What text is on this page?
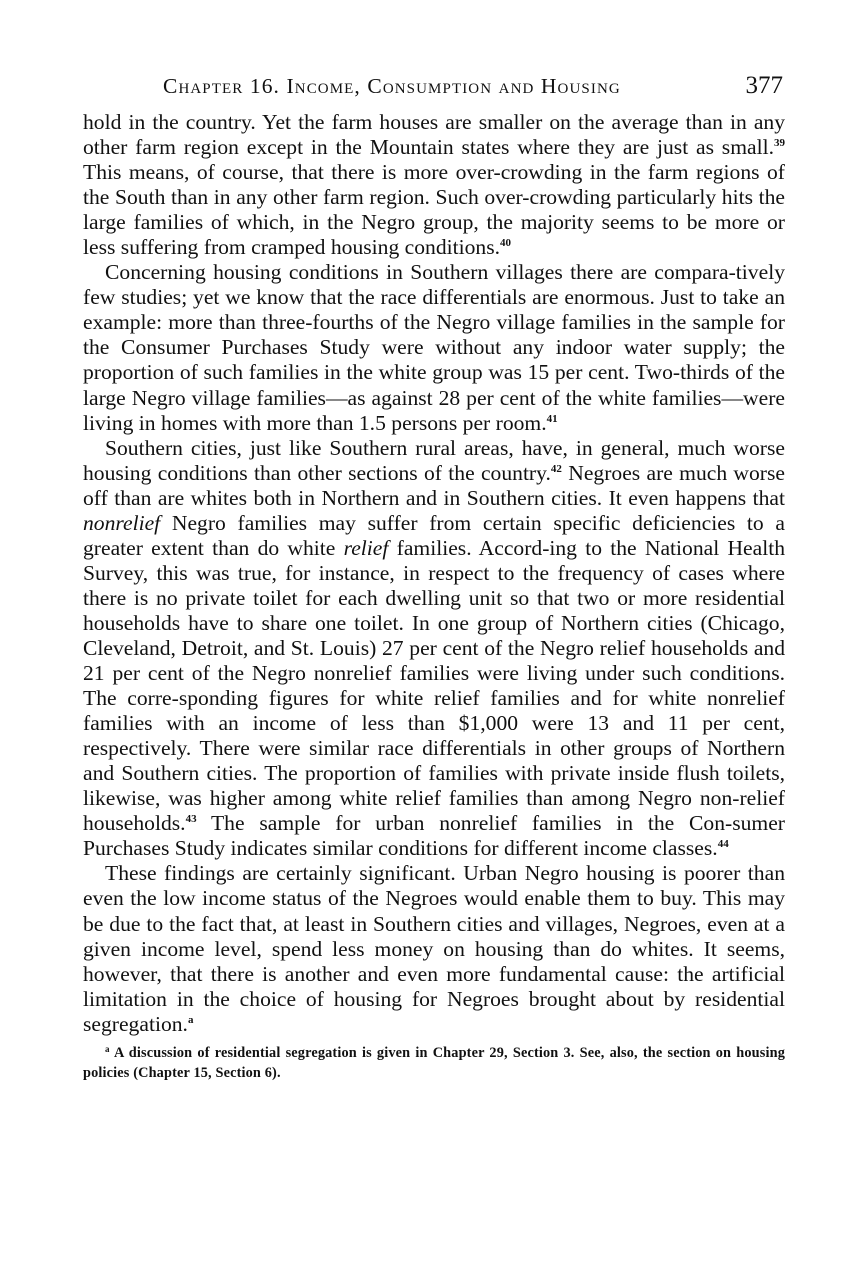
Chapter 16. Income, Consumption and Housing	377

hold in the country. Yet the farm houses are smaller on the average than in any other farm region except in the Mountain states where they are just as small.$^{39}$ This means, of course, that there is more over-crowding in the farm regions of the South than in any other farm region. Such over-crowding particularly hits the large families of which, in the Negro group, the majority seems to be more or less suffering from cramped housing conditions.$^{40}$

Concerning housing conditions in Southern villages there are compara-tively few studies; yet we know that the race differentials are enormous. Just to take an example: more than three-fourths of the Negro village families in the sample for the Consumer Purchases Study were without any indoor water supply; the proportion of such families in the white group was 15 per cent. Two-thirds of the large Negro village families—as against 28 per cent of the white families—were living in homes with more than 1.5 persons per room.$^{41}$

Southern cities, just like Southern rural areas, have, in general, much worse housing conditions than other sections of the country.$^{42}$ Negroes are much worse off than are whites both in Northern and in Southern cities. It even happens that nonrelief Negro families may suffer from certain specific deficiencies to a greater extent than do white relief families. Accord-ing to the National Health Survey, this was true, for instance, in respect to the frequency of cases where there is no private toilet for each dwelling unit so that two or more residential households have to share one toilet. In one group of Northern cities (Chicago, Cleveland, Detroit, and St. Louis) 27 per cent of the Negro relief households and 21 per cent of the Negro nonrelief families were living under such conditions. The corre-sponding figures for white relief families and for white nonrelief families with an income of less than $1,000 were 13 and 11 per cent, respectively. There were similar race differentials in other groups of Northern and Southern cities. The proportion of families with private inside flush toilets, likewise, was higher among white relief families than among Negro non-relief households.$^{43}$ The sample for urban nonrelief families in the Con-sumer Purchases Study indicates similar conditions for different income classes.$^{44}$

These findings are certainly significant. Urban Negro housing is poorer than even the low income status of the Negroes would enable them to buy. This may be due to the fact that, at least in Southern cities and villages, Negroes, even at a given income level, spend less money on housing than do whites. It seems, however, that there is another and even more fundamental cause: the artificial limitation in the choice of housing for Negroes brought about by residential segregation.$^a$

$^a$ A discussion of residential segregation is given in Chapter 29, Section 3. See, also, the section on housing policies (Chapter 15, Section 6).
